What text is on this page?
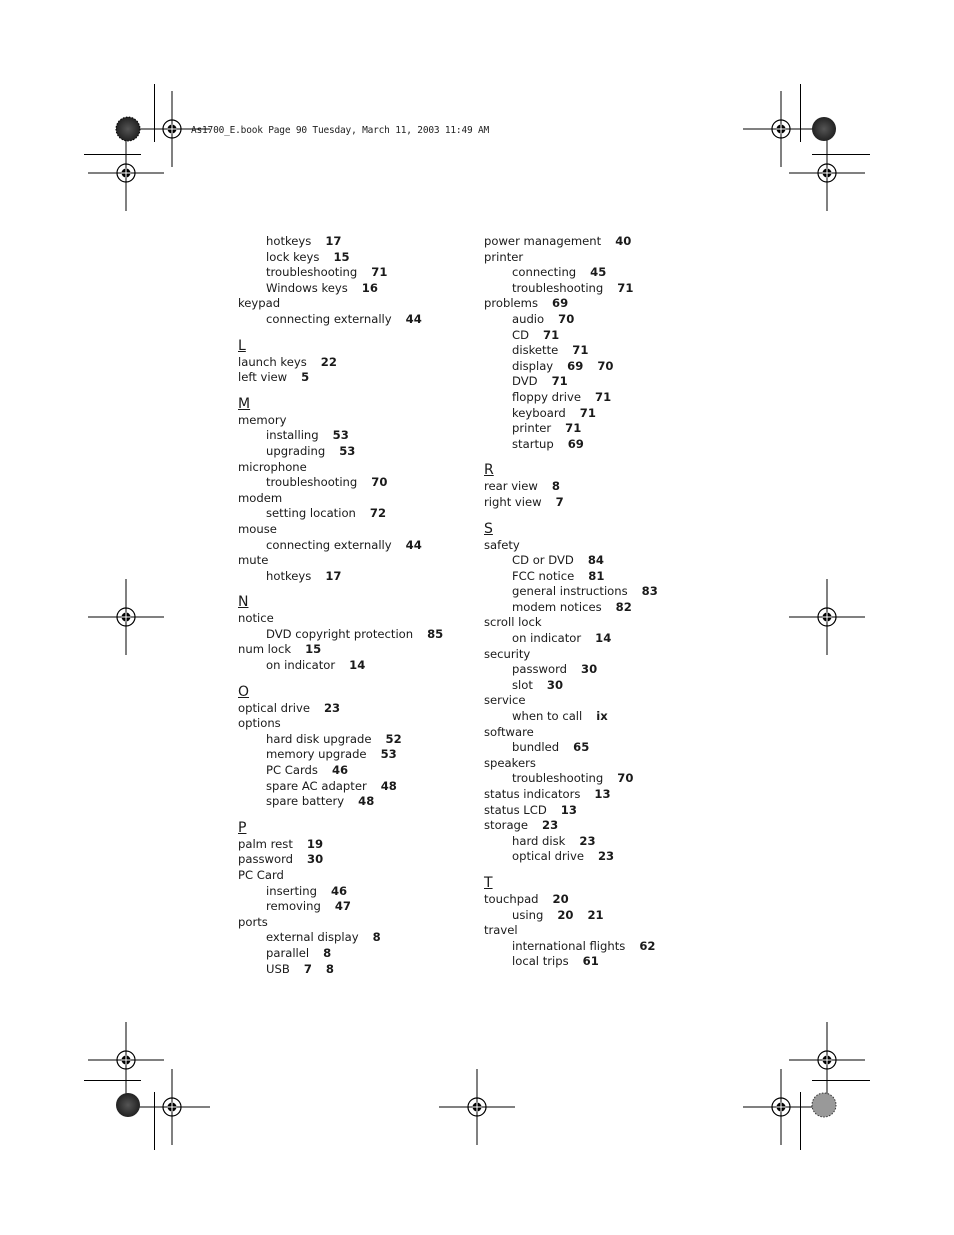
As1700_E.book Page 90 Tuesday, March 11, 2003 11:49 AM
hotkeys 17
lock keys 15
troubleshooting 71
Windows keys 16
keypad
connecting externally 44
L
launch keys 22
left view 5
M
memory
installing 53
upgrading 53
microphone
troubleshooting 70
modem
setting location 72
mouse
connecting externally 44
mute
hotkeys 17
N
notice
DVD copyright protection 85
num lock 15
on indicator 14
O
optical drive 23
options
hard disk upgrade 52
memory upgrade 53
PC Cards 46
spare AC adapter 48
spare battery 48
P
palm rest 19
password 30
PC Card
inserting 46
removing 47
ports
external display 8
parallel 8
USB 7 8
power management 40
printer
connecting 45
troubleshooting 71
problems 69
audio 70
CD 71
diskette 71
display 69 70
DVD 71
floppy drive 71
keyboard 71
printer 71
startup 69
R
rear view 8
right view 7
S
safety
CD or DVD 84
FCC notice 81
general instructions 83
modem notices 82
scroll lock
on indicator 14
security
password 30
slot 30
service
when to call ix
software
bundled 65
speakers
troubleshooting 70
status indicators 13
status LCD 13
storage 23
hard disk 23
optical drive 23
T
touchpad 20
using 20 21
travel
international flights 62
local trips 61
